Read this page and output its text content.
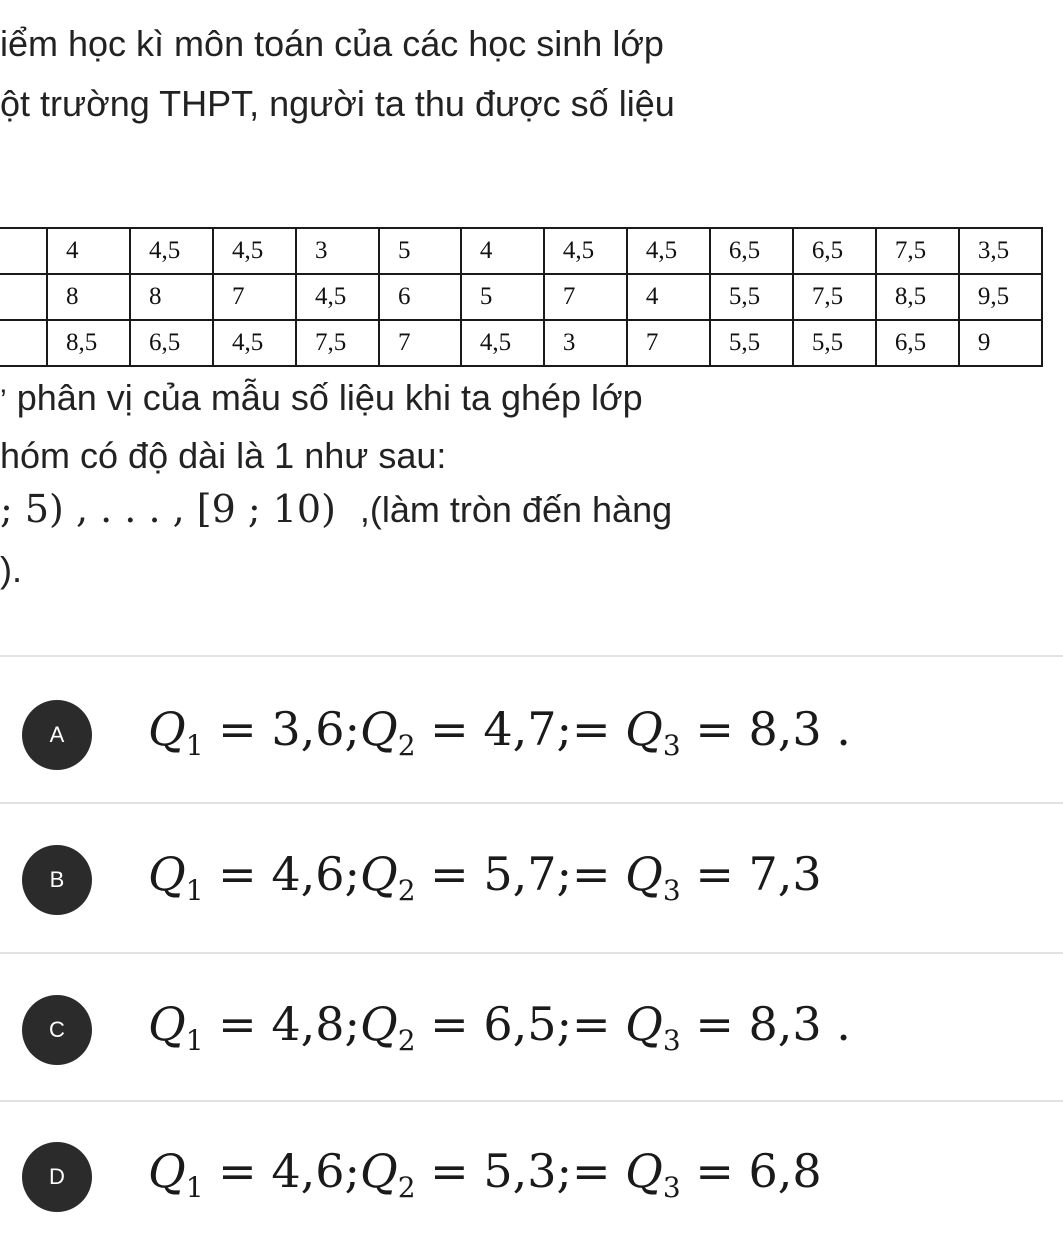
iểm học kì môn toán của các học sinh lớp
ột trường THPT, người ta thu được số liệu
	4	4,5	4,5	3	5	4	4,5	4,5	6,5	6,5	7,5	3,5
	8	8	7	4,5	6	5	7	4	5,5	7,5	8,5	9,5
	8,5	6,5	4,5	7,5	7	4,5	3	7	5,5	5,5	6,5	9
’ phân vị của mẫu số liệu khi ta ghép lớp
hóm có độ dài là 1 như sau:
; 5) , . . . , [9 ; 10) ,(làm tròn đến hàng
).
A	$Q_1$ = $3,6;Q_2$ = 4,7;= $Q_3 = 8,3$ .
B	$Q_1$ = $4,6;Q_2$ = 5,7;= $Q_3 = 7,3$
C	$Q_1$ = $4,8;Q_2$ = 6,5;= $Q_3 = 8,3$ .
D	$Q_1$ = $4,6;Q_2$ = 5,3;= $Q_3 = 6,8$
